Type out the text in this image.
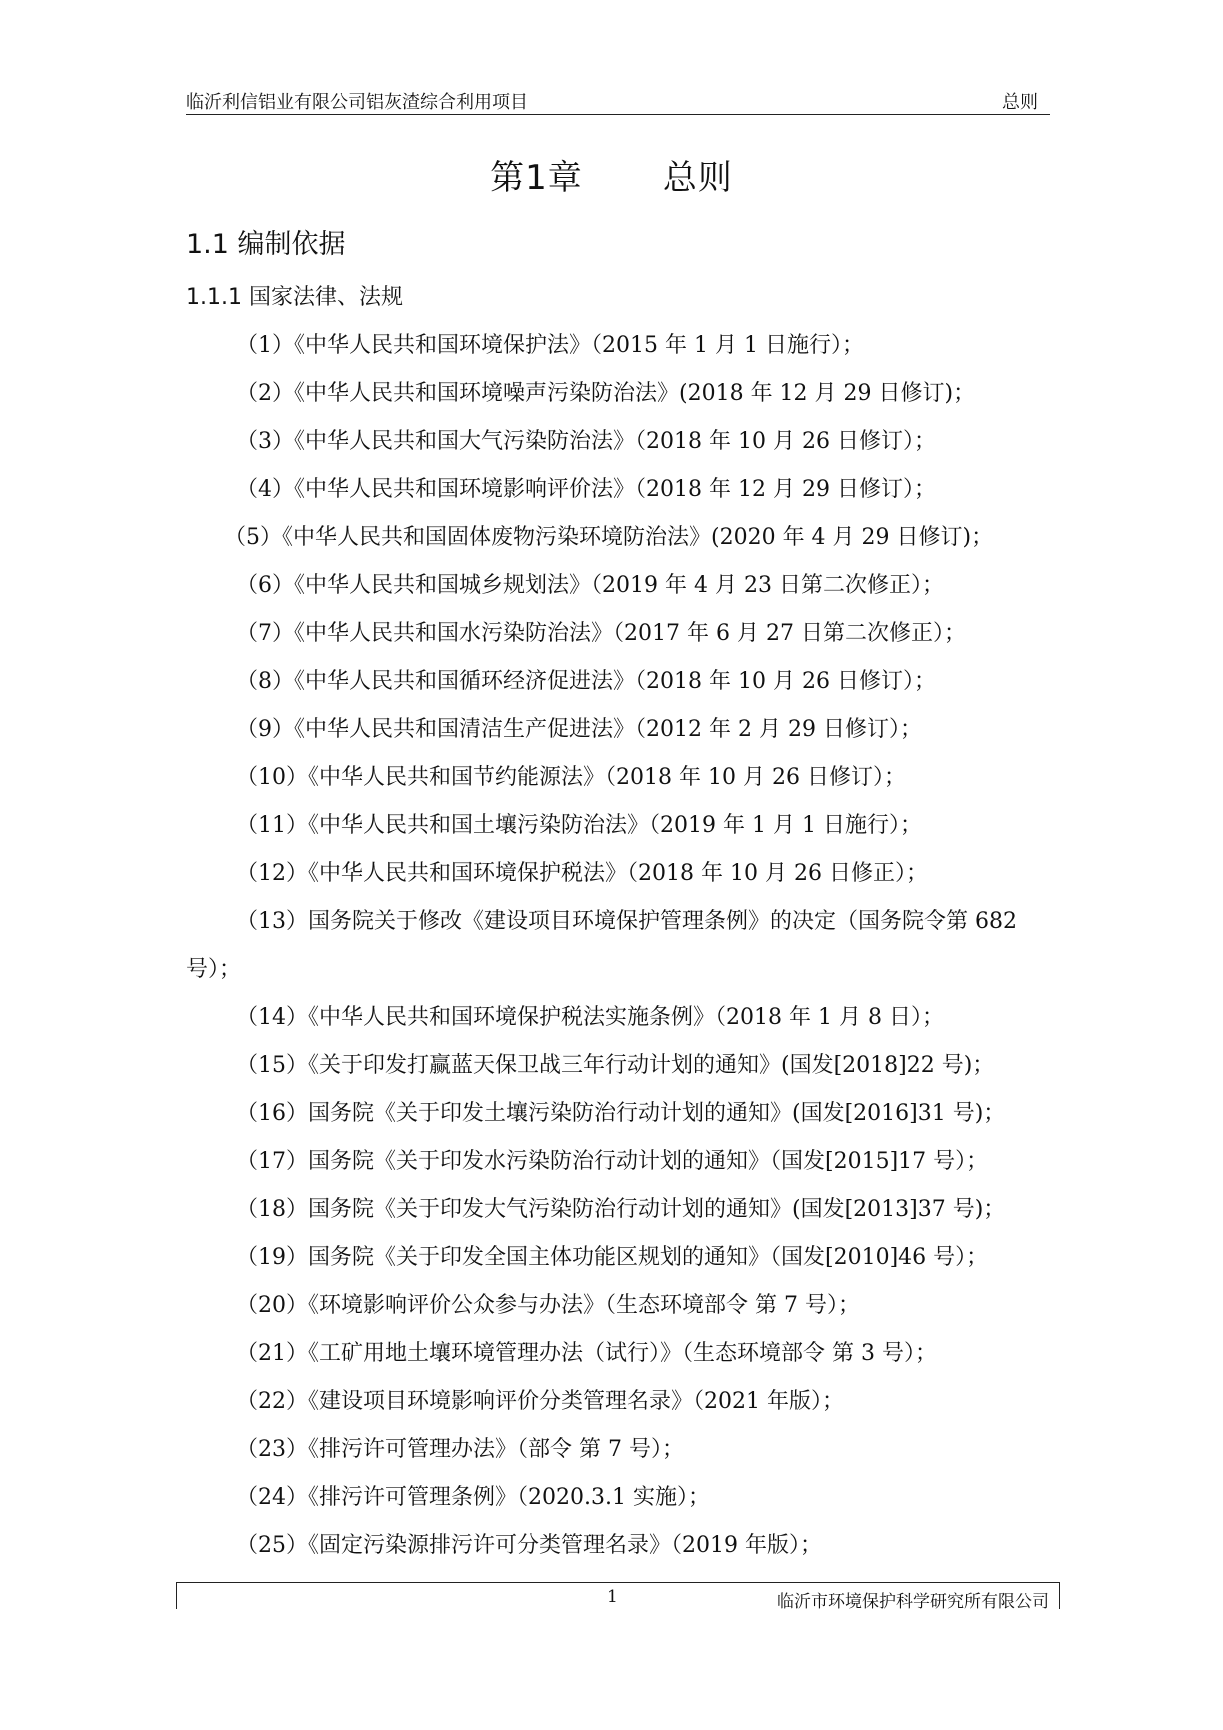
临沂利信铝业有限公司铝灰渣综合利用项目	总则
第1章 总则
1.1 编制依据
1.1.1 国家法律、法规
（1）《中华人民共和国环境保护法》（2015 年 1 月 1 日施行）；
（2）《中华人民共和国环境噪声污染防治法》(2018 年 12 月 29 日修订)；
（3）《中华人民共和国大气污染防治法》（2018 年 10 月 26 日修订）；
（4）《中华人民共和国环境影响评价法》（2018 年 12 月 29 日修订）；
（5）《中华人民共和国固体废物污染环境防治法》(2020 年 4 月 29 日修订)；
（6）《中华人民共和国城乡规划法》（2019 年 4 月 23 日第二次修正）；
（7）《中华人民共和国水污染防治法》（2017 年 6 月 27 日第二次修正）；
（8）《中华人民共和国循环经济促进法》（2018 年 10 月 26 日修订）；
（9）《中华人民共和国清洁生产促进法》（2012 年 2 月 29 日修订）；
（10）《中华人民共和国节约能源法》（2018 年 10 月 26 日修订）；
（11）《中华人民共和国土壤污染防治法》（2019 年 1 月 1 日施行）；
（12）《中华人民共和国环境保护税法》（2018 年 10 月 26 日修正）；
（13）国务院关于修改《建设项目环境保护管理条例》的决定（国务院令第 682 号）；
（14）《中华人民共和国环境保护税法实施条例》（2018 年 1 月 8 日）；
（15）《关于印发打赢蓝天保卫战三年行动计划的通知》(国发[2018]22 号)；
（16）国务院《关于印发土壤污染防治行动计划的通知》(国发[2016]31 号)；
（17）国务院《关于印发水污染防治行动计划的通知》（国发[2015]17 号）；
（18）国务院《关于印发大气污染防治行动计划的通知》(国发[2013]37 号)；
（19）国务院《关于印发全国主体功能区规划的通知》（国发[2010]46 号）；
（20）《环境影响评价公众参与办法》（生态环境部令 第 7 号）；
（21）《工矿用地土壤环境管理办法（试行）》（生态环境部令 第 3 号）；
（22）《建设项目环境影响评价分类管理名录》（2021 年版）；
（23）《排污许可管理办法》（部令 第 7 号）；
（24）《排污许可管理条例》（2020.3.1 实施）；
（25）《固定污染源排污许可分类管理名录》（2019 年版）；
1	临沂市环境保护科学研究所有限公司
